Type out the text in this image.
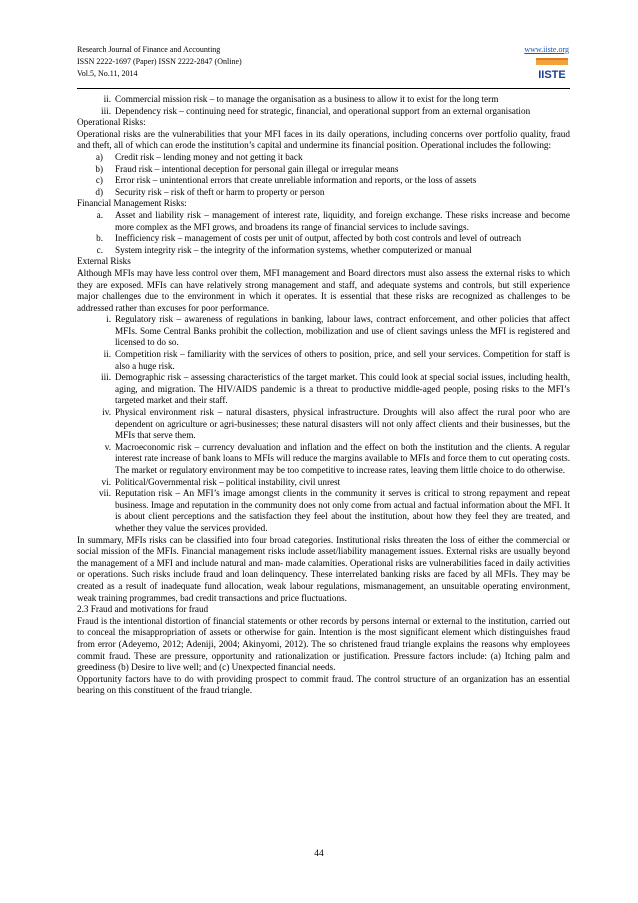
Research Journal of Finance and Accounting
ISSN 2222-1697 (Paper) ISSN 2222-2847 (Online)
Vol.5, No.11, 2014
www.iiste.org
IISTE
ii. Commercial mission risk – to manage the organisation as a business to allow it to exist for the long term
iii. Dependency risk – continuing need for strategic, financial, and operational support from an external organisation

Operational Risks:

Operational risks are the vulnerabilities that your MFI faces in its daily operations, including concerns over portfolio quality, fraud and theft, all of which can erode the institution’s capital and undermine its financial position. Operational includes the following:

a) Credit risk – lending money and not getting it back
b) Fraud risk – intentional deception for personal gain illegal or irregular means
c) Error risk – unintentional errors that create unreliable information and reports, or the loss of assets
d) Security risk – risk of theft or harm to property or person

Financial Management Risks:

a. Asset and liability risk – management of interest rate, liquidity, and foreign exchange. These risks increase and become more complex as the MFI grows, and broadens its range of financial services to include savings.
b. Inefficiency risk – management of costs per unit of output, affected by both cost controls and level of outreach
c. System integrity risk – the integrity of the information systems, whether computerized or manual

External Risks

Although MFIs may have less control over them, MFI management and Board directors must also assess the external risks to which they are exposed. MFIs can have relatively strong management and staff, and adequate systems and controls, but still experience major challenges due to the environment in which it operates. It is essential that these risks are recognized as challenges to be addressed rather than excuses for poor performance.

i. Regulatory risk – awareness of regulations in banking, labour laws, contract enforcement, and other policies that affect MFIs. Some Central Banks prohibit the collection, mobilization and use of client savings unless the MFI is registered and licensed to do so.
ii. Competition risk – familiarity with the services of others to position, price, and sell your services. Competition for staff is also a huge risk.
iii. Demographic risk – assessing characteristics of the target market. This could look at special social issues, including health, aging, and migration. The HIV/AIDS pandemic is a threat to productive middle-aged people, posing risks to the MFI’s targeted market and their staff.
iv. Physical environment risk – natural disasters, physical infrastructure. Droughts will also affect the rural poor who are dependent on agriculture or agri-businesses; these natural disasters will not only affect clients and their businesses, but the MFIs that serve them.
v. Macroeconomic risk – currency devaluation and inflation and the effect on both the institution and the clients. A regular interest rate increase of bank loans to MFIs will reduce the margins available to MFIs and force them to cut operating costs. The market or regulatory environment may be too competitive to increase rates, leaving them little choice to do otherwise.
vi. Political/Governmental risk – political instability, civil unrest
vii. Reputation risk – An MFI’s image amongst clients in the community it serves is critical to strong repayment and repeat business. Image and reputation in the community does not only come from actual and factual information about the MFI. It is about client perceptions and the satisfaction they feel about the institution, about how they feel they are treated, and whether they value the services provided.

In summary, MFIs risks can be classified into four broad categories. Institutional risks threaten the loss of either the commercial or social mission of the MFIs. Financial management risks include asset/liability management issues. External risks are usually beyond the management of a MFI and include natural and man- made calamities. Operational risks are vulnerabilities faced in daily activities or operations. Such risks include fraud and loan delinquency. These interrelated banking risks are faced by all MFIs. They may be created as a result of inadequate fund allocation, weak labour regulations, mismanagement, an unsuitable operating environment, weak training programmes, bad credit transactions and price fluctuations.

2.3 Fraud and motivations for fraud

Fraud is the intentional distortion of financial statements or other records by persons internal or external to the institution, carried out to conceal the misappropriation of assets or otherwise for gain. Intention is the most significant element which distinguishes fraud from error (Adeyemo, 2012; Adeniji, 2004; Akinyomi, 2012). The so christened fraud triangle explains the reasons why employees commit fraud. These are pressure, opportunity and rationalization or justification. Pressure factors include: (a) Itching palm and greediness (b) Desire to live well; and (c) Unexpected financial needs.

Opportunity factors have to do with providing prospect to commit fraud. The control structure of an organization has an essential bearing on this constituent of the fraud triangle.

44
